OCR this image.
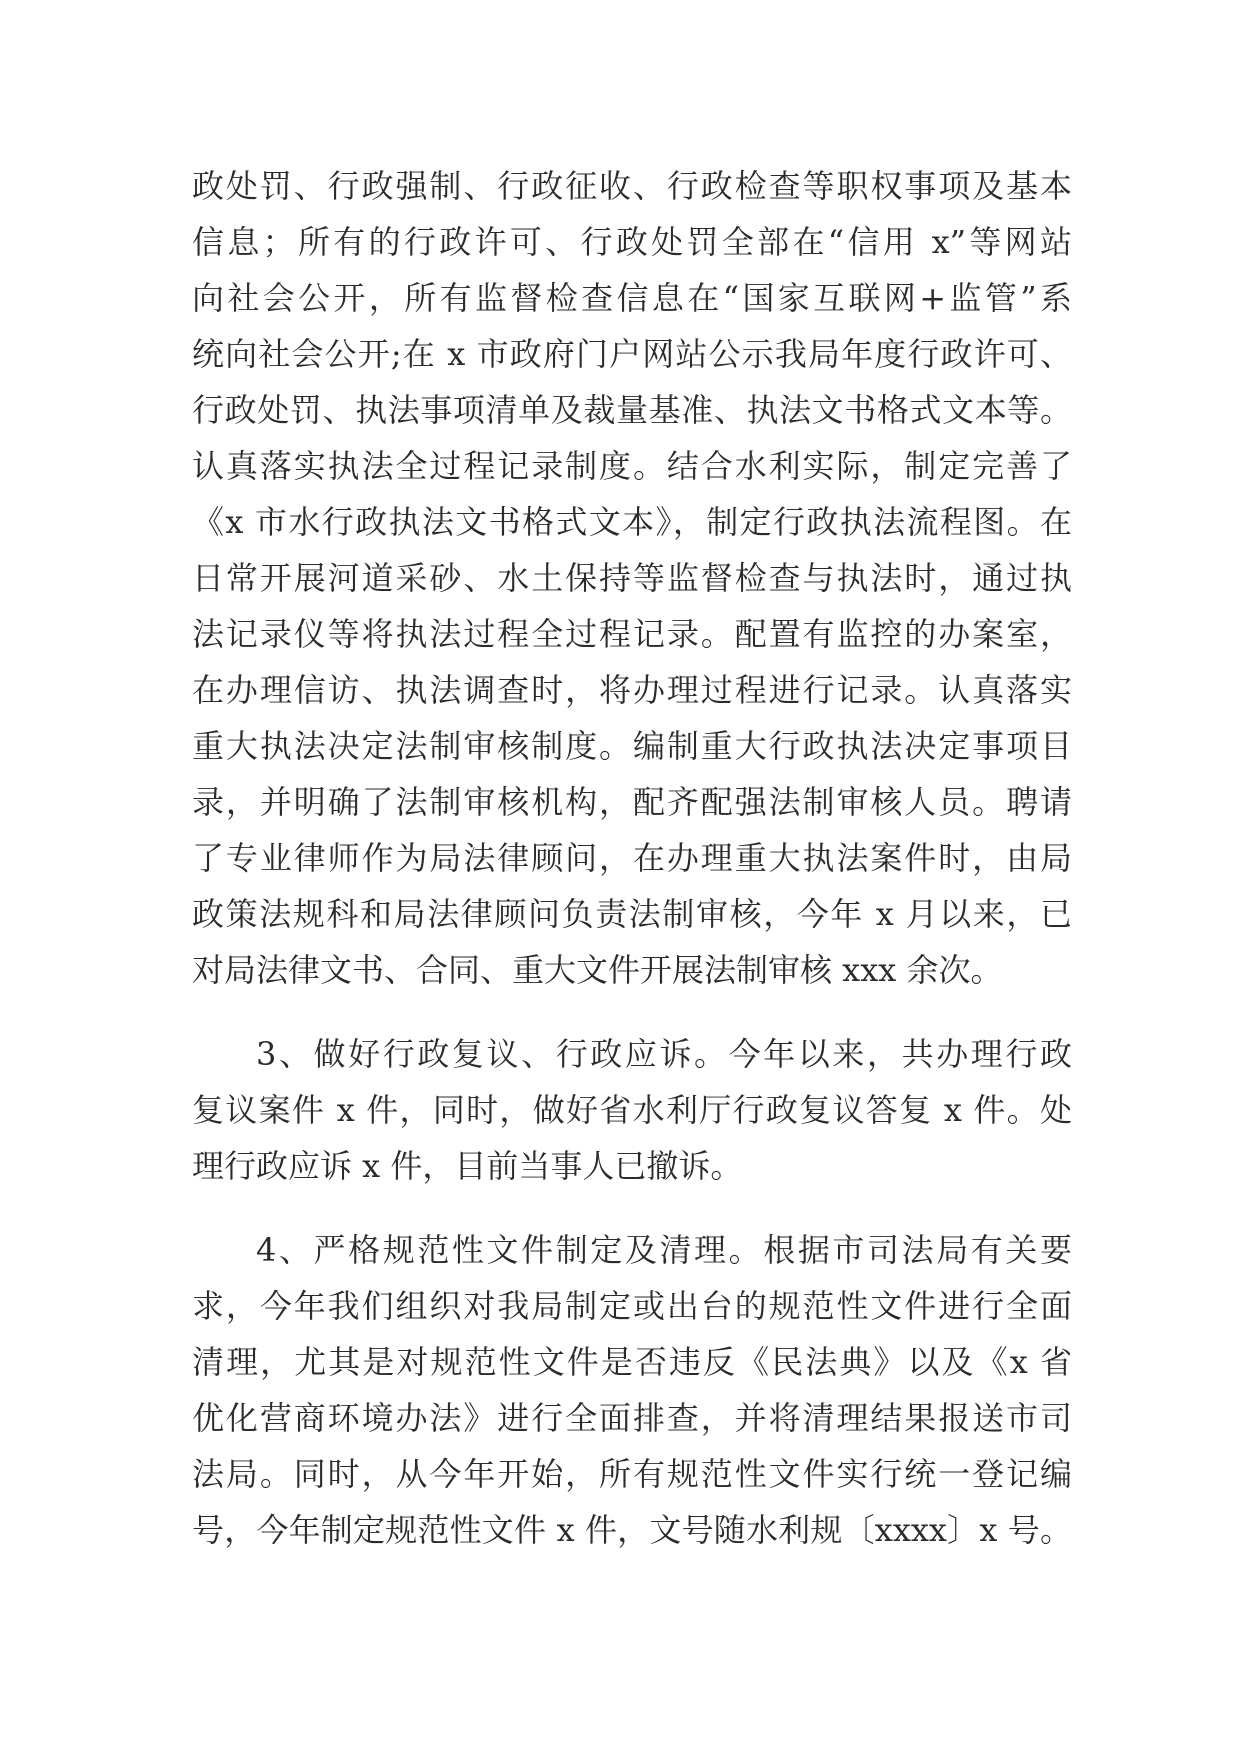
政处罚、行政强制、行政征收、行政检查等职权事项及基本
信息；所有的行政许可、行政处罚全部在“信用 x”等网站
向社会公开，所有监督检查信息在“国家互联网+监管”系
统向社会公开;在 x 市政府门户网站公示我局年度行政许可、
行政处罚、执法事项清单及裁量基准、执法文书格式文本等。
认真落实执法全过程记录制度。结合水利实际，制定完善了
《x 市水行政执法文书格式文本》，制定行政执法流程图。在
日常开展河道采砂、水土保持等监督检查与执法时，通过执
法记录仪等将执法过程全过程记录。配置有监控的办案室，
在办理信访、执法调查时，将办理过程进行记录。认真落实
重大执法决定法制审核制度。编制重大行政执法决定事项目
录，并明确了法制审核机构，配齐配强法制审核人员。聘请
了专业律师作为局法律顾问，在办理重大执法案件时，由局
政策法规科和局法律顾问负责法制审核，今年 x 月以来，已
对局法律文书、合同、重大文件开展法制审核 xxx 余次。
3、做好行政复议、行政应诉。今年以来，共办理行政
复议案件 x 件，同时，做好省水利厅行政复议答复 x 件。处
理行政应诉 x 件，目前当事人已撤诉。
4、严格规范性文件制定及清理。根据市司法局有关要
求，今年我们组织对我局制定或出台的规范性文件进行全面
清理，尤其是对规范性文件是否违反《民法典》以及《x 省
优化营商环境办法》进行全面排查，并将清理结果报送市司
法局。同时，从今年开始，所有规范性文件实行统一登记编
号，今年制定规范性文件 x 件，文号随水利规〔xxxx〕x 号。
